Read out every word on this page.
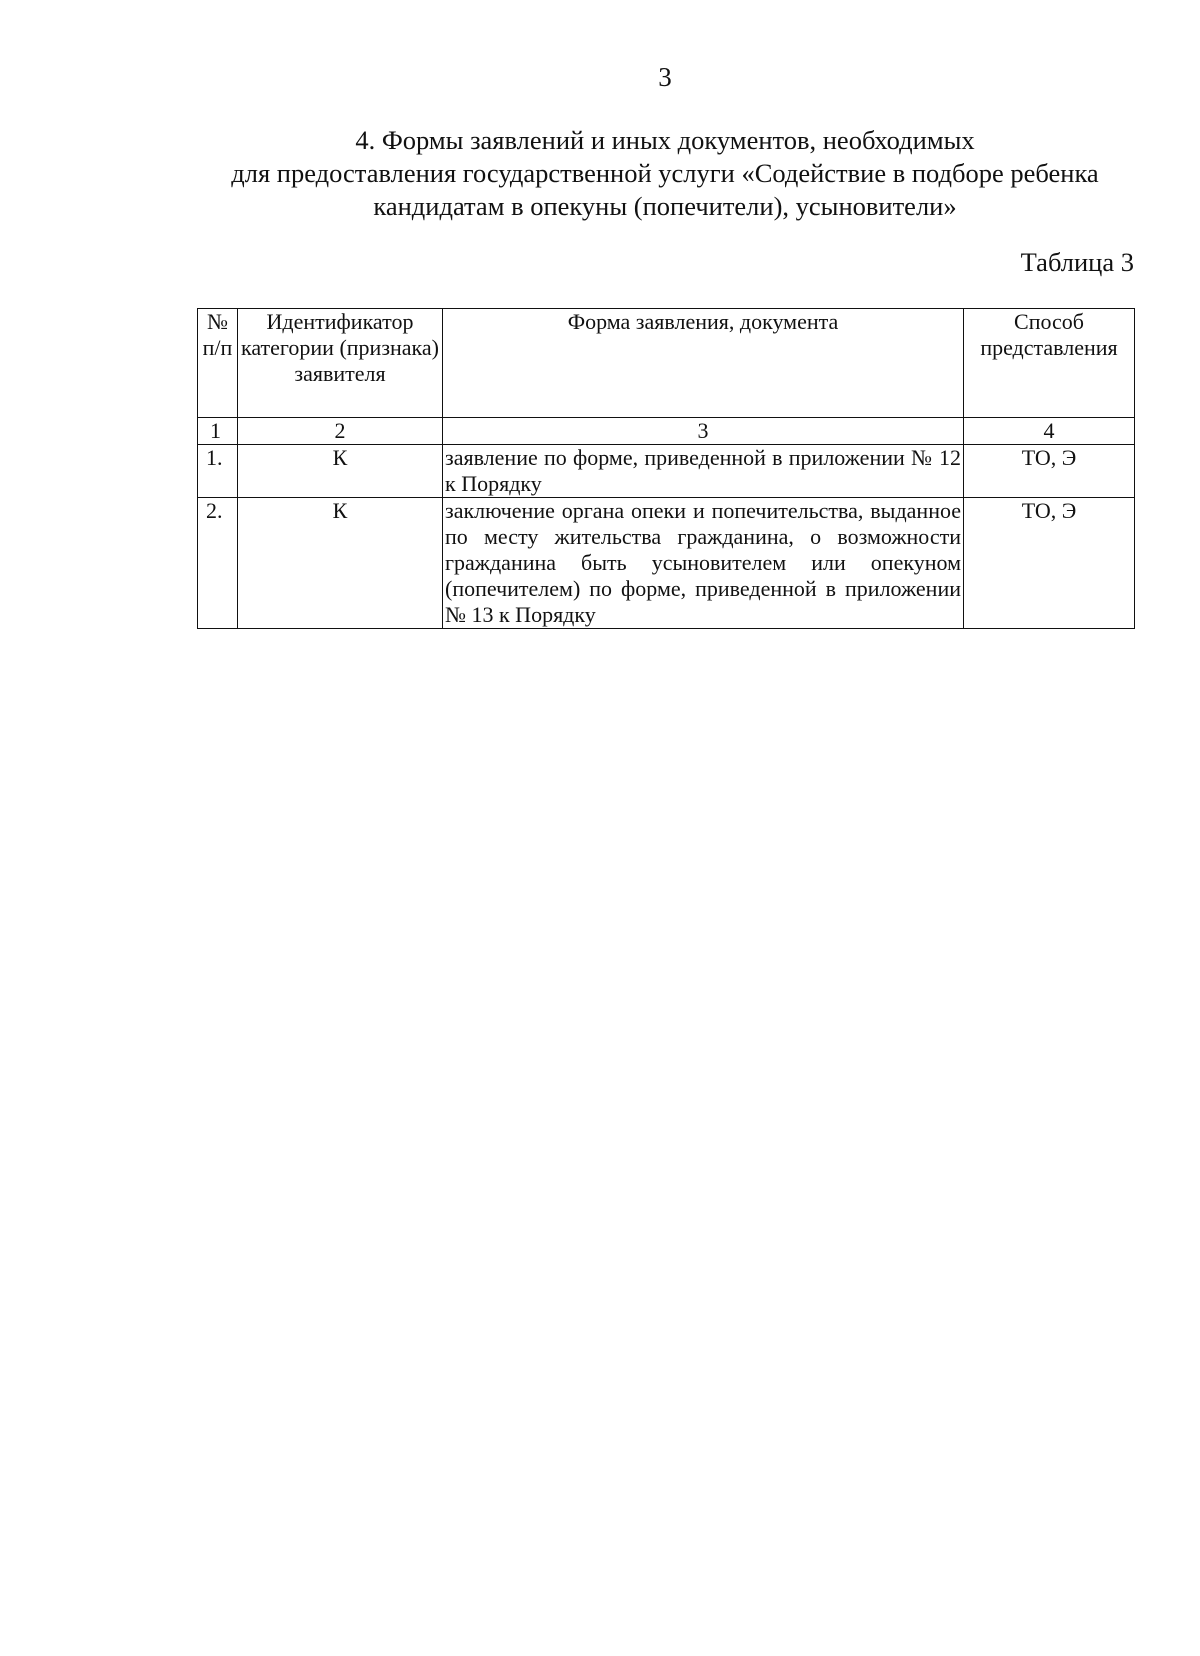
3
4. Формы заявлений и иных документов, необходимых
для предоставления государственной услуги «Содействие в подборе ребенка
кандидатам в опекуны (попечители), усыновители»
Таблица 3
№ п/п	Идентификатор категории (признака) заявителя	Форма заявления, документа	Способ представления
1	2	3	4
1.	К	заявление по форме, приведенной в приложении № 12 к Порядку	ТО, Э
2.	К	заключение органа опеки и попечительства, выданное по месту жительства гражданина, о возможности гражданина быть усыновителем или опекуном (попечителем) по форме, приведенной в приложении № 13 к Порядку	ТО, Э
